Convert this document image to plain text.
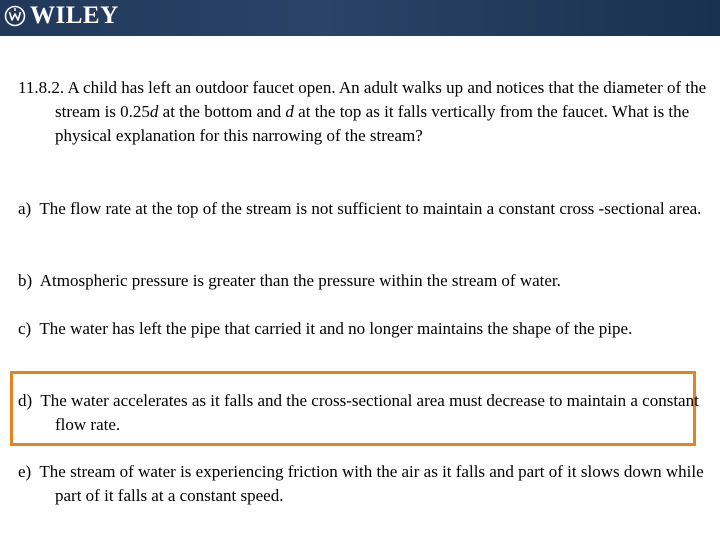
WILEY
11.8.2. A child has left an outdoor faucet open. An adult walks up and notices that the diameter of the stream is 0.25d at the bottom and d at the top as it falls vertically from the faucet. What is the physical explanation for this narrowing of the stream?
a) The flow rate at the top of the stream is not sufficient to maintain a constant cross -sectional area.
b) Atmospheric pressure is greater than the pressure within the stream of water.
c) The water has left the pipe that carried it and no longer maintains the shape of the pipe.
d) The water accelerates as it falls and the cross-sectional area must decrease to maintain a constant flow rate.
e) The stream of water is experiencing friction with the air as it falls and part of it slows down while part of it falls at a constant speed.
